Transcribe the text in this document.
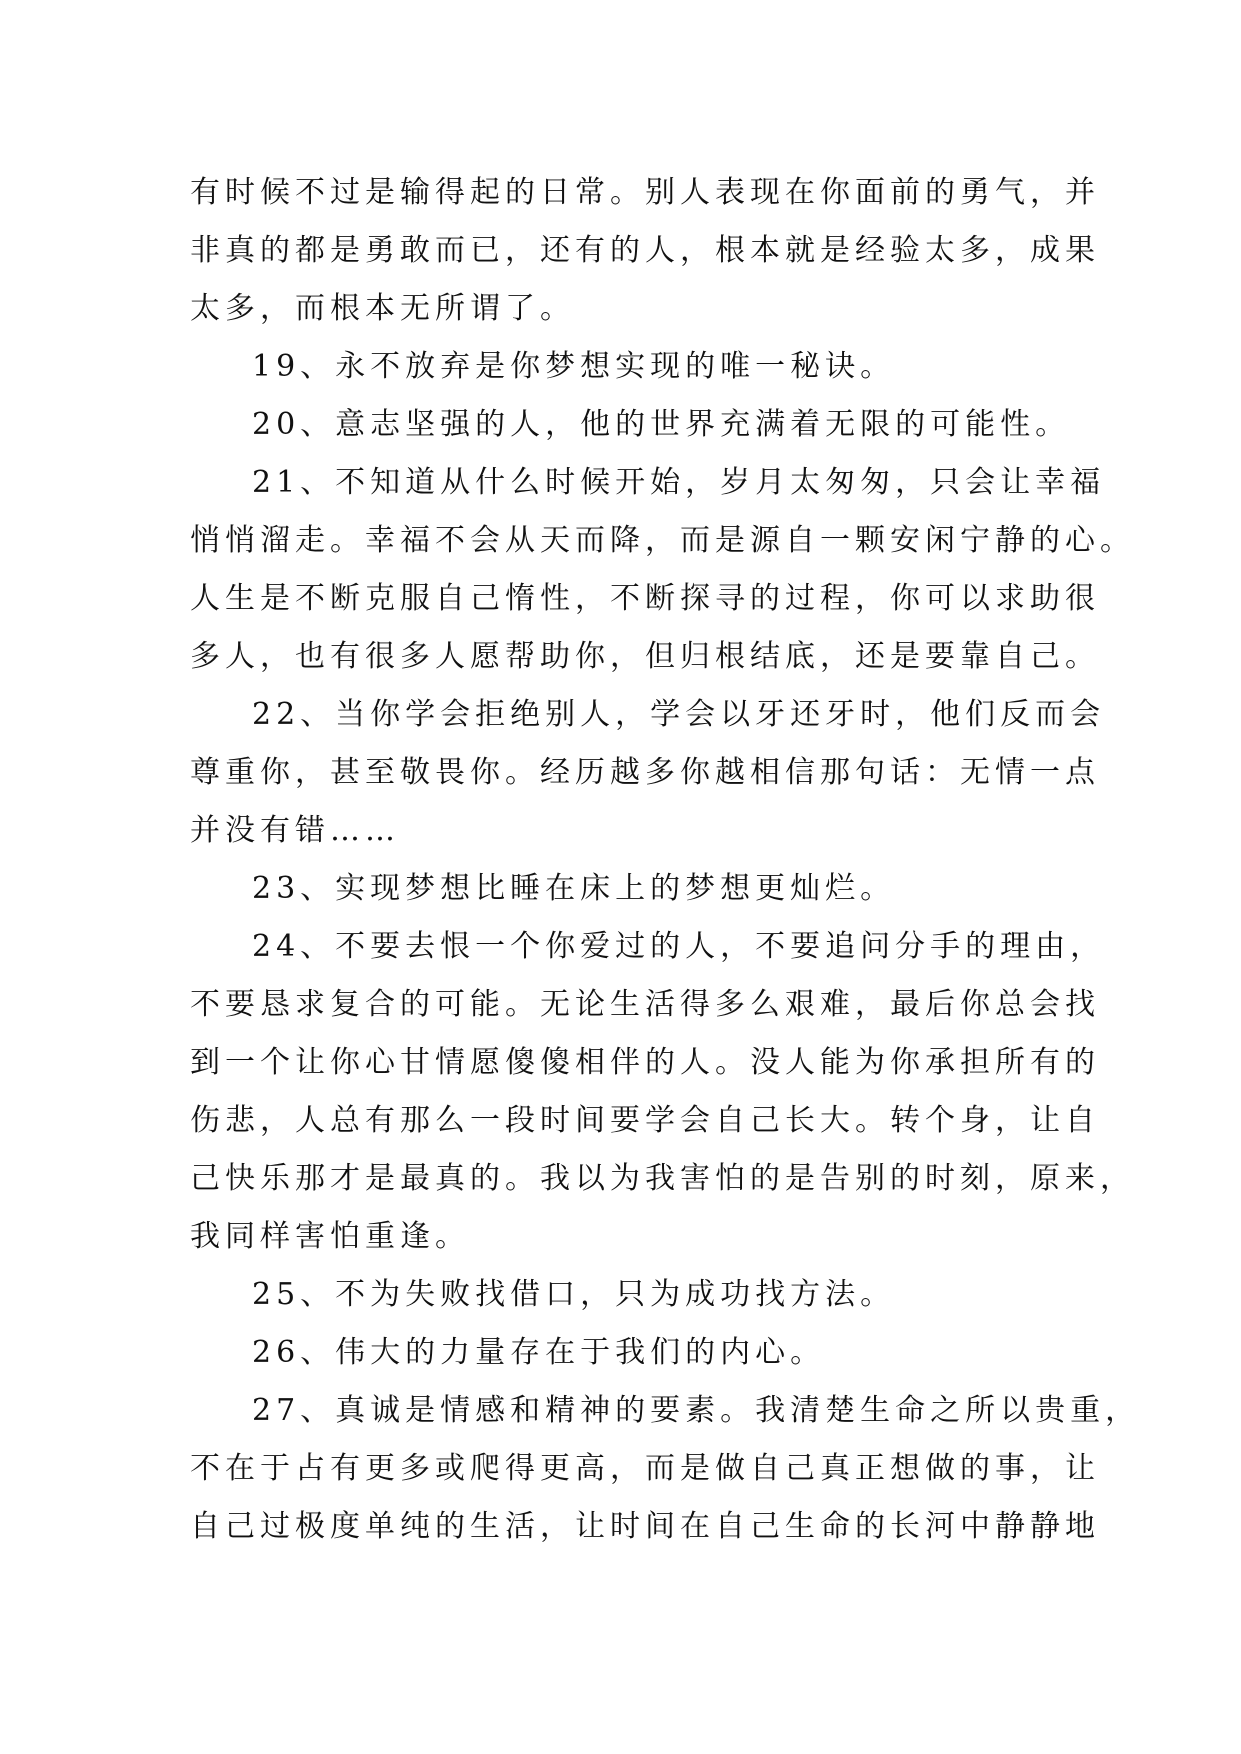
有时候不过是输得起的日常。别人表现在你面前的勇气，并
非真的都是勇敢而已，还有的人，根本就是经验太多，成果
太多，而根本无所谓了。
19、永不放弃是你梦想实现的唯一秘诀。
20、意志坚强的人，他的世界充满着无限的可能性。
21、不知道从什么时候开始，岁月太匆匆，只会让幸福
悄悄溜走。幸福不会从天而降，而是源自一颗安闲宁静的心。
人生是不断克服自己惰性，不断探寻的过程，你可以求助很
多人，也有很多人愿帮助你，但归根结底，还是要靠自己。
22、当你学会拒绝别人，学会以牙还牙时，他们反而会
尊重你，甚至敬畏你。经历越多你越相信那句话：无情一点
并没有错……
23、实现梦想比睡在床上的梦想更灿烂。
24、不要去恨一个你爱过的人，不要追问分手的理由，
不要恳求复合的可能。无论生活得多么艰难，最后你总会找
到一个让你心甘情愿傻傻相伴的人。没人能为你承担所有的
伤悲，人总有那么一段时间要学会自己长大。转个身，让自
己快乐那才是最真的。我以为我害怕的是告别的时刻，原来，
我同样害怕重逢。
25、不为失败找借口，只为成功找方法。
26、伟大的力量存在于我们的内心。
27、真诚是情感和精神的要素。我清楚生命之所以贵重，
不在于占有更多或爬得更高，而是做自己真正想做的事，让
自己过极度单纯的生活，让时间在自己生命的长河中静静地
